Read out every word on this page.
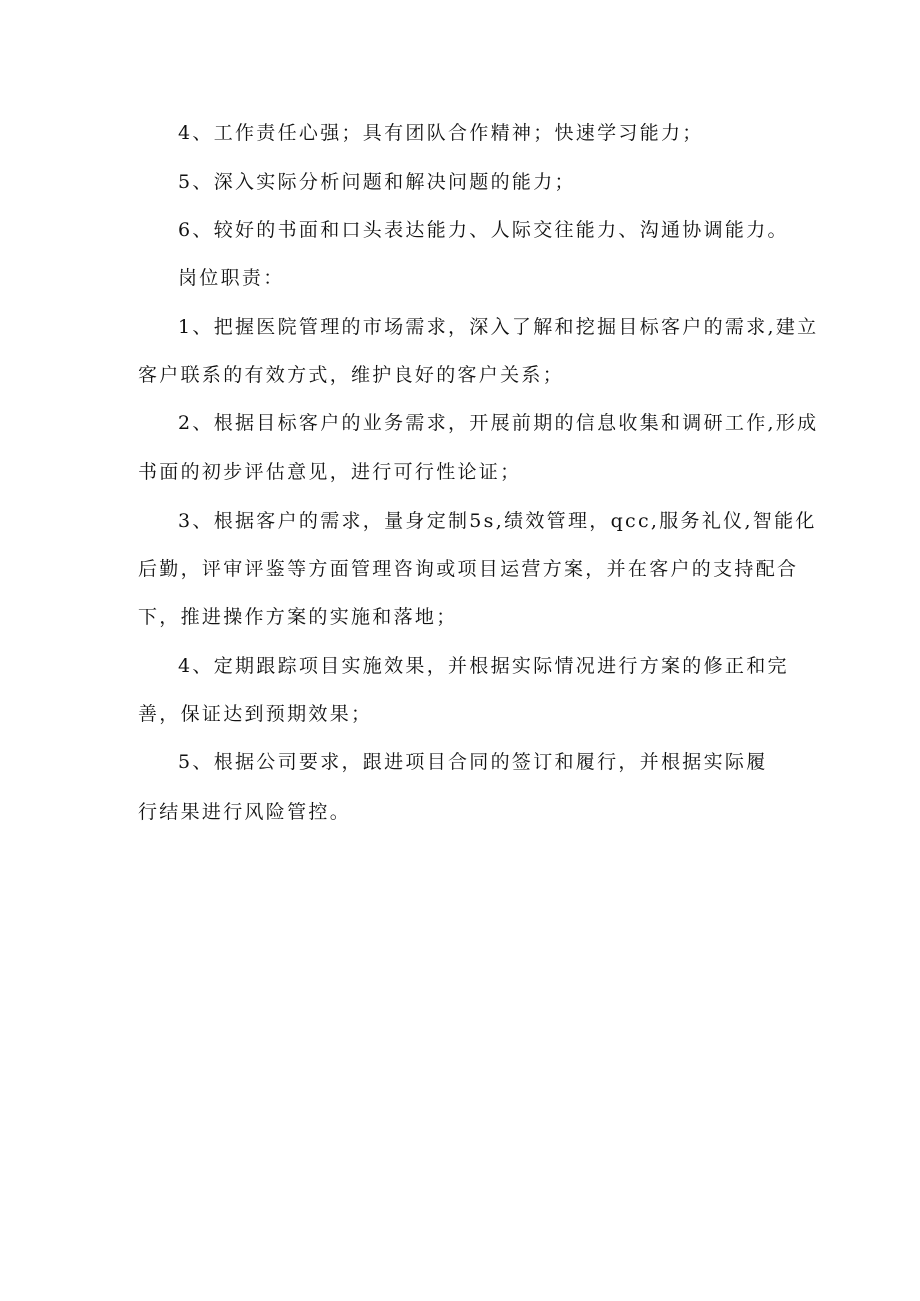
4、工作责任心强；具有团队合作精神；快速学习能力；
5、深入实际分析问题和解决问题的能力；
6、较好的书面和口头表达能力、人际交往能力、沟通协调能力。
岗位职责：
1、把握医院管理的市场需求，深入了解和挖掘目标客户的需求,建立
客户联系的有效方式，维护良好的客户关系；
2、根据目标客户的业务需求，开展前期的信息收集和调研工作,形成
书面的初步评估意见，进行可行性论证；
3、根据客户的需求，量身定制5s,绩效管理，qcc,服务礼仪,智能化
后勤，评审评鉴等方面管理咨询或项目运营方案，并在客户的支持配合
下，推进操作方案的实施和落地；
4、定期跟踪项目实施效果，并根据实际情况进行方案的修正和完
善，保证达到预期效果；
5、根据公司要求，跟进项目合同的签订和履行，并根据实际履
行结果进行风险管控。
